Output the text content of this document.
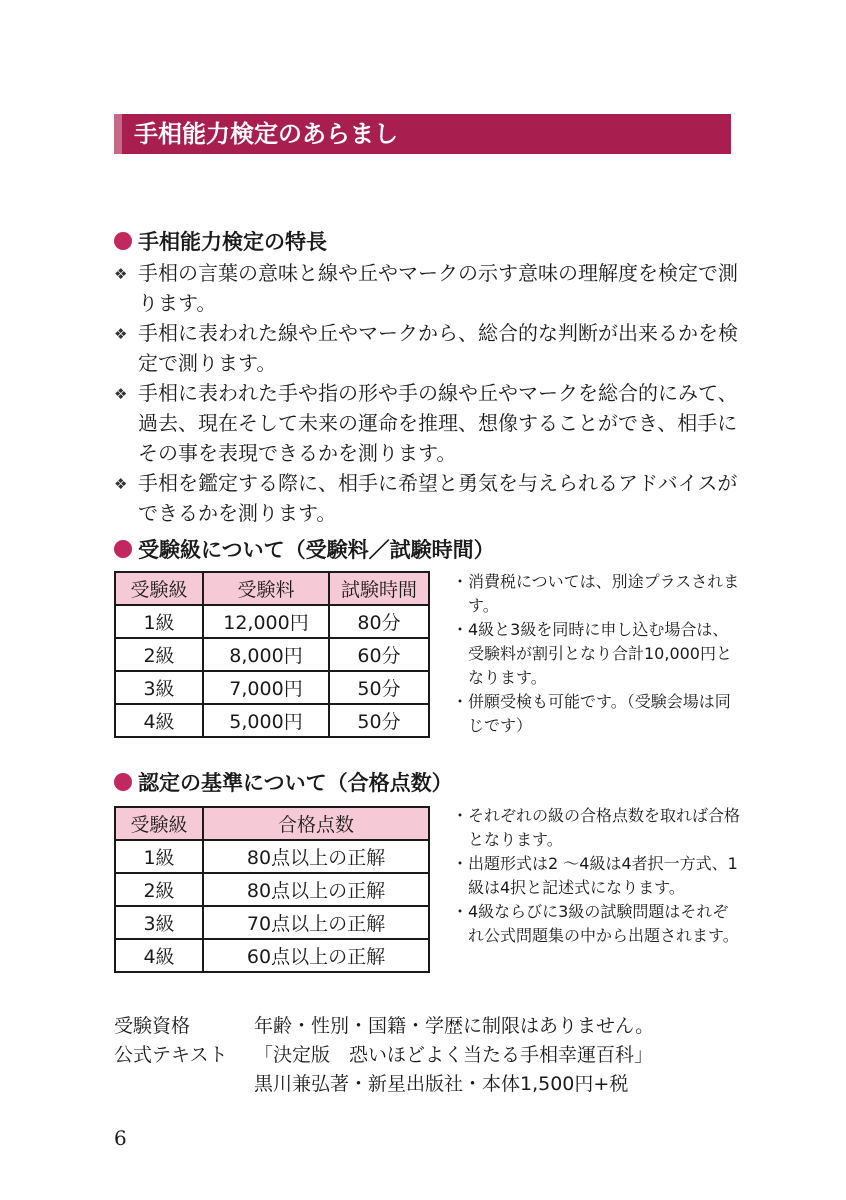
手相能力検定のあらまし
手相能力検定の特長
❖ 手相の言葉の意味と線や丘やマークの示す意味の理解度を検定で測ります。
❖ 手相に表われた線や丘やマークから、総合的な判断が出来るかを検定で測ります。
❖ 手相に表われた手や指の形や手の線や丘やマークを総合的にみて、過去、現在そして未来の運命を推理、想像することができ、相手にその事を表現できるかを測ります。
❖ 手相を鑑定する際に、相手に希望と勇気を与えられるアドバイスができるかを測ります。
受験級について（受験料／試験時間）
受験級	受験料	試験時間
1級	12,000円	80分
2級	8,000円	60分
3級	7,000円	50分
4級	5,000円	50分
・ 消費税については、別途プラスされます。
・ 4級と3級を同時に申し込む場合は、受験料が割引となり合計10,000円となります。
・ 併願受検も可能です。（受験会場は同じです）
認定の基準について（合格点数）
受験級	合格点数
1級	80点以上の正解
2級	80点以上の正解
3級	70点以上の正解
4級	60点以上の正解
・ それぞれの級の合格点数を取れば合格となります。
・ 出題形式は2 〜4級は4者択一方式、1級は4択と記述式になります。
・ 4級ならびに3級の試験問題はそれぞれ公式問題集の中から出題されます。
受験資格	年齢・性別・国籍・学歴に制限はありません。
公式テキスト	「決定版　恐いほどよく当たる手相幸運百科」
黒川兼弘著・新星出版社・本体1,500円+税
6
